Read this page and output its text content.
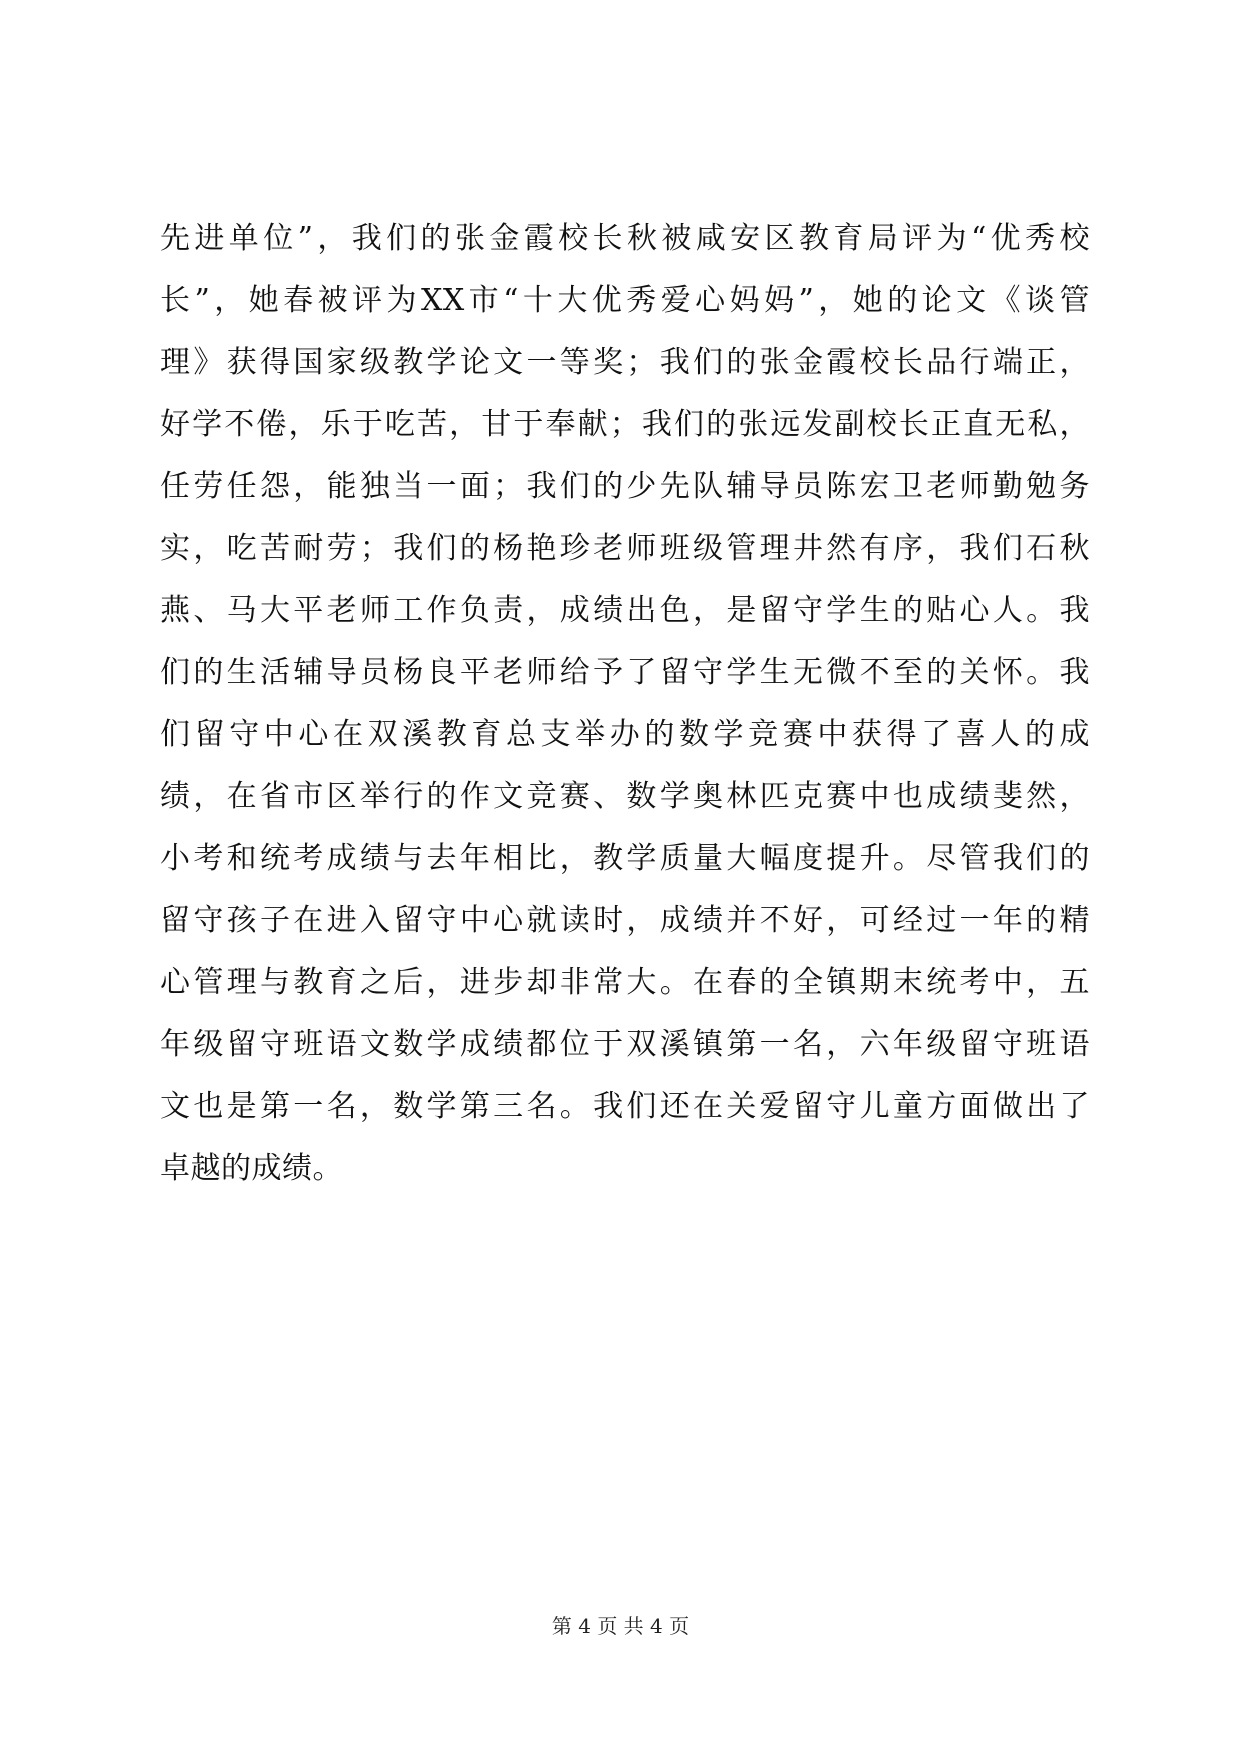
先进单位”，我们的张金霞校长秋被咸安区教育局评为“优秀校
长”，她春被评为XX市“十大优秀爱心妈妈”，她的论文《谈管
理》获得国家级教学论文一等奖；我们的张金霞校长品行端正，
好学不倦，乐于吃苦，甘于奉献；我们的张远发副校长正直无私，
任劳任怨，能独当一面；我们的少先队辅导员陈宏卫老师勤勉务
实，吃苦耐劳；我们的杨艳珍老师班级管理井然有序，我们石秋
燕、马大平老师工作负责，成绩出色，是留守学生的贴心人。我
们的生活辅导员杨良平老师给予了留守学生无微不至的关怀。我
们留守中心在双溪教育总支举办的数学竞赛中获得了喜人的成
绩，在省市区举行的作文竞赛、数学奥林匹克赛中也成绩斐然，
小考和统考成绩与去年相比，教学质量大幅度提升。尽管我们的
留守孩子在进入留守中心就读时，成绩并不好，可经过一年的精
心管理与教育之后，进步却非常大。在春的全镇期末统考中，五
年级留守班语文数学成绩都位于双溪镇第一名，六年级留守班语
文也是第一名，数学第三名。我们还在关爱留守儿童方面做出了
卓越的成绩。
第 4 页 共 4 页
